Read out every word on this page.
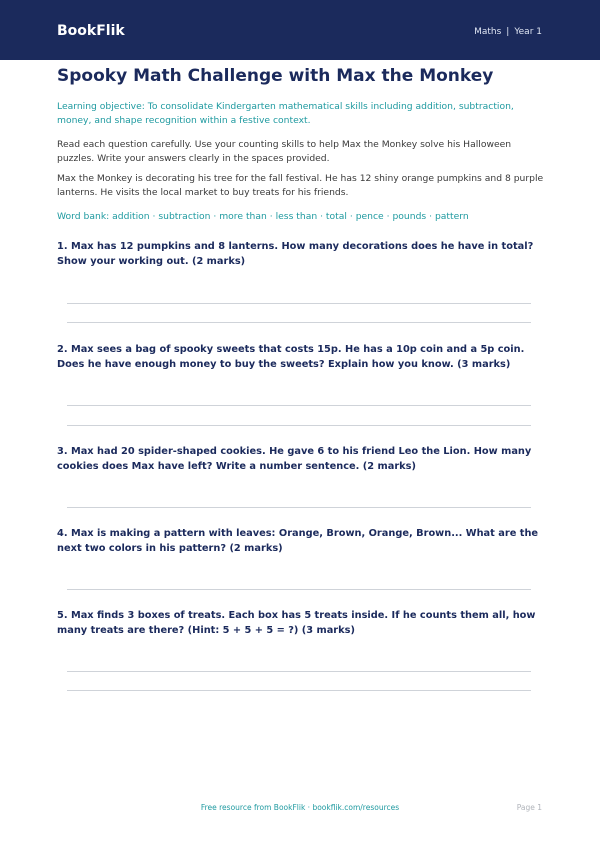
BookFlik	Maths | Year 1
Spooky Math Challenge with Max the Monkey
Learning objective: To consolidate Kindergarten mathematical skills including addition, subtraction, money, and shape recognition within a festive context.
Read each question carefully. Use your counting skills to help Max the Monkey solve his Halloween puzzles. Write your answers clearly in the spaces provided.
Max the Monkey is decorating his tree for the fall festival. He has 12 shiny orange pumpkins and 8 purple lanterns. He visits the local market to buy treats for his friends.
Word bank: addition · subtraction · more than · less than · total · pence · pounds · pattern
1. Max has 12 pumpkins and 8 lanterns. How many decorations does he have in total? Show your working out. (2 marks)
2. Max sees a bag of spooky sweets that costs 15p. He has a 10p coin and a 5p coin. Does he have enough money to buy the sweets? Explain how you know. (3 marks)
3. Max had 20 spider-shaped cookies. He gave 6 to his friend Leo the Lion. How many cookies does Max have left? Write a number sentence. (2 marks)
4. Max is making a pattern with leaves: Orange, Brown, Orange, Brown... What are the next two colors in his pattern? (2 marks)
5. Max finds 3 boxes of treats. Each box has 5 treats inside. If he counts them all, how many treats are there? (Hint: 5 + 5 + 5 = ?) (3 marks)
Free resource from BookFlik · bookflik.com/resources	Page 1
